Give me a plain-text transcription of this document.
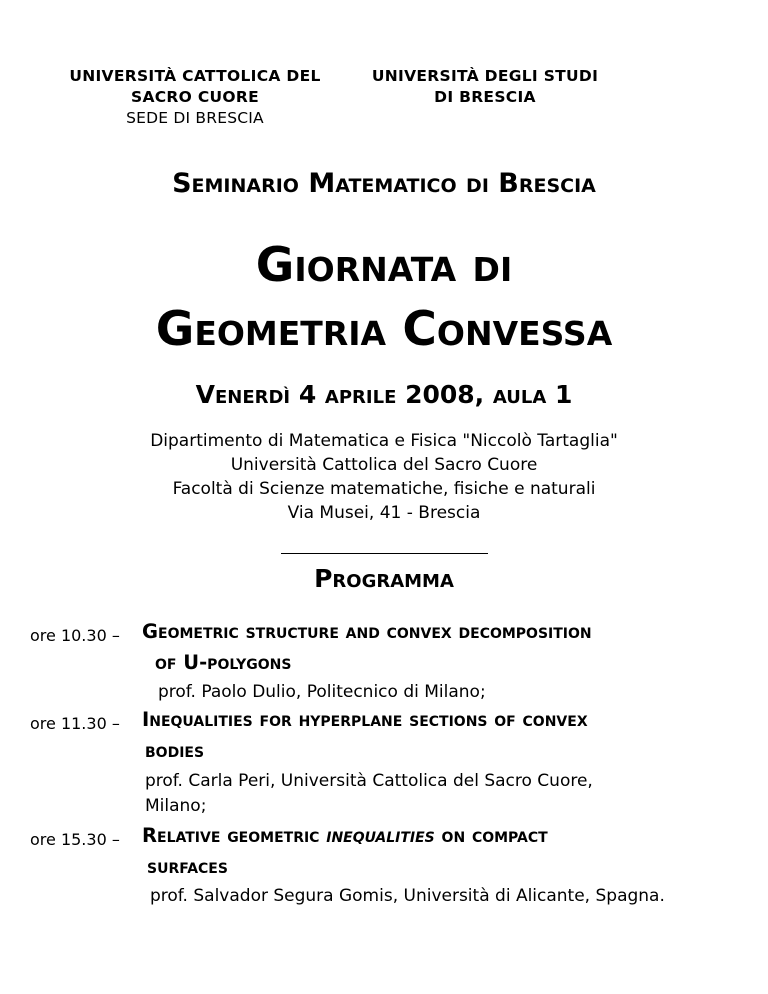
UNIVERSITÀ CATTOLICA DEL
SACRO CUORE
SEDE DI BRESCIA
UNIVERSITÀ DEGLI STUDI
DI BRESCIA
Seminario Matematico di Brescia
Giornata di
Geometria Convessa
Venerdì 4 aprile 2008, aula 1
Dipartimento di Matematica e Fisica "Niccolò Tartaglia"
Università Cattolica del Sacro Cuore
Facoltà di Scienze matematiche, fisiche e naturali
Via Musei, 41 - Brescia
Programma
ore 10.30 – Geometric structure and convex decomposition
of U-polygons
prof. Paolo Dulio, Politecnico di Milano;
ore 11.30 – Inequalities for hyperplane sections of convex
bodies
prof. Carla Peri, Università Cattolica del Sacro Cuore,
Milano;
ore 15.30 – Relative geometric inequalities on compact
surfaces
prof. Salvador Segura Gomis, Università di Alicante, Spagna.
